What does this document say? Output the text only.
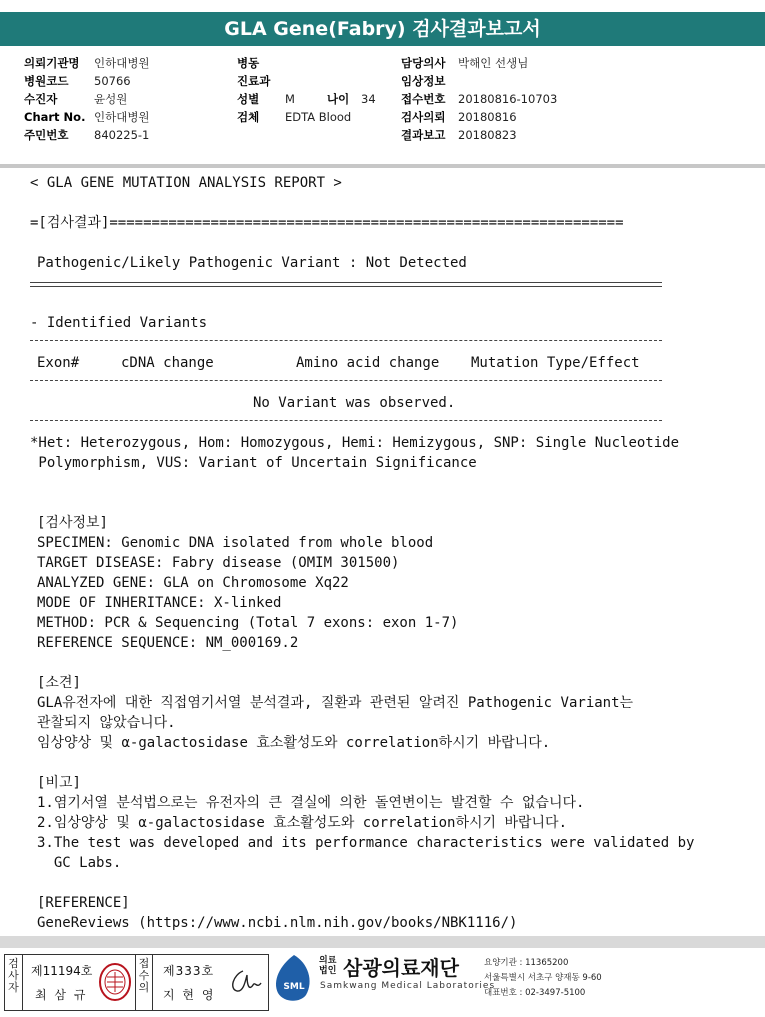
GLA Gene(Fabry) 검사결과보고서
의뢰기관명 인하대병원
병원코드 50766
수진자	윤성원
Chart No. 인하대병원
주민번호 840225-1
병동
진료과
성별 M	나이 34
검체 EDTA Blood
담당의사 박해인 선생님
임상정보
접수번호 20180816-10703
검사의뢰 20180816
결과보고 20180823
< GLA GENE MUTATION ANALYSIS REPORT >
=[검사결과]=============================================================
Pathogenic/Likely Pathogenic Variant : Not Detected
- Identified Variants
Exon#	cDNA change	Amino acid change Mutation Type/Effect
No Variant was observed.
*Het: Heterozygous, Hom: Homozygous, Hemi: Hemizygous, SNP: Single Nucleotide
Polymorphism, VUS: Variant of Uncertain Significance
[검사정보]
SPECIMEN: Genomic DNA isolated from whole blood
TARGET DISEASE: Fabry disease (OMIM 301500)
ANALYZED GENE: GLA on Chromosome Xq22
MODE OF INHERITANCE: X-linked
METHOD: PCR & Sequencing (Total 7 exons: exon 1-7)
REFERENCE SEQUENCE: NM_000169.2
[소견]
GLA유전자에 대한 직접염기서열 분석결과, 질환과 관련된 알려진 Pathogenic Variant는
관찰되지 않았습니다.
임상양상 및 α-galactosidase 효소활성도와 correlation하시기 바랍니다.
[비고]
1.염기서열 분석법으로는 유전자의 큰 결실에 의한 돌연변이는 발견할 수 없습니다.
2.임상양상 및 α-galactosidase 효소활성도와 correlation하시기 바랍니다.
3.The test was developed and its performance characteristics were validated by
GC Labs.
[REFERENCE]
GeneReviews (https://www.ncbi.nlm.nih.gov/books/NBK1116/)
검사자
제11194호
최 삼 규
접수의
제333호
지 현 영
SML
의료법인 삼광의료재단
Samkwang Medical Laboratories
요양기관 : 11365200
서울특별시 서초구 양재동 9-60
대표번호 : 02-3497-5100
